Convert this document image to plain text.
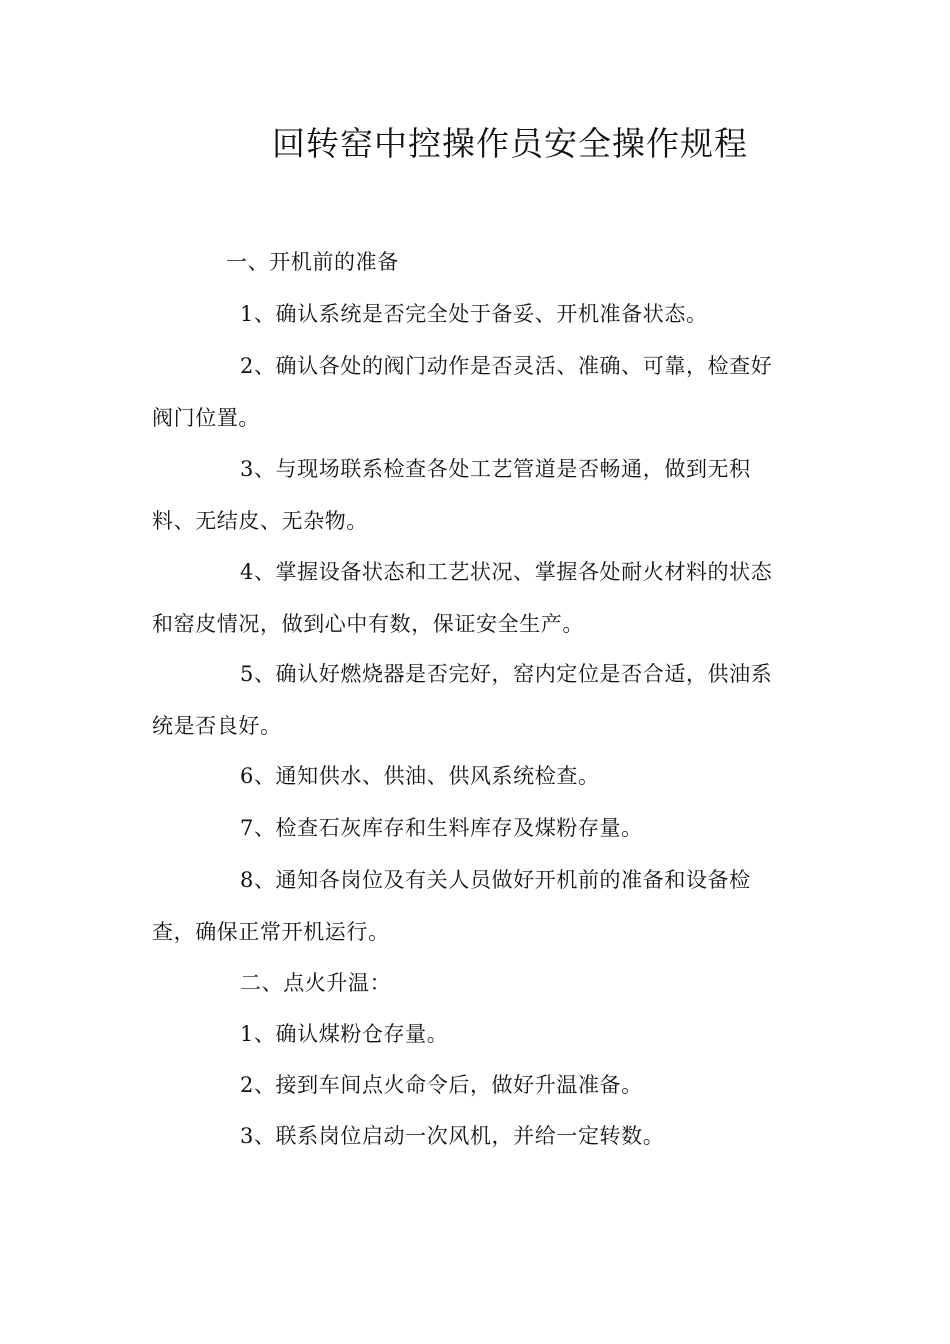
回转窑中控操作员安全操作规程
一、开机前的准备
1、确认系统是否完全处于备妥、开机准备状态。
2、确认各处的阀门动作是否灵活、准确、可靠，检查好
阀门位置。
3、与现场联系检查各处工艺管道是否畅通，做到无积
料、无结皮、无杂物。
4、掌握设备状态和工艺状况、掌握各处耐火材料的状态
和窑皮情况，做到心中有数，保证安全生产。
5、确认好燃烧器是否完好，窑内定位是否合适，供油系
统是否良好。
6、通知供水、供油、供风系统检查。
7、检查石灰库存和生料库存及煤粉存量。
8、通知各岗位及有关人员做好开机前的准备和设备检
查，确保正常开机运行。
二、点火升温：
1、确认煤粉仓存量。
2、接到车间点火命令后，做好升温准备。
3、联系岗位启动一次风机，并给一定转数。
